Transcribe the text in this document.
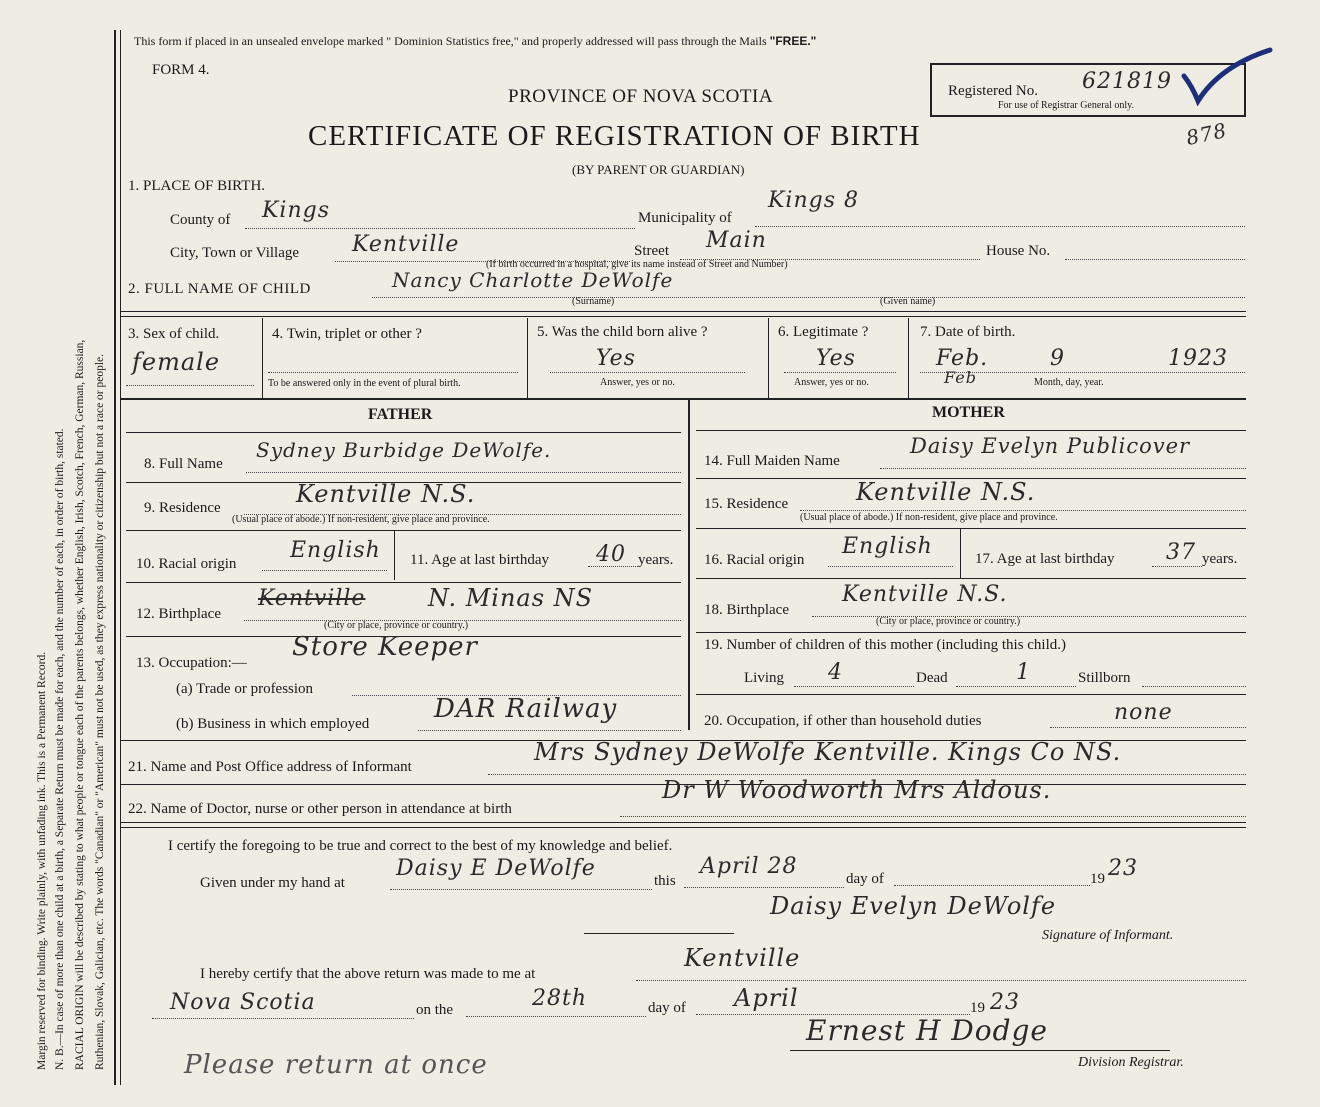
Margin reserved for binding. Write plainly, with unfading ink. This is a Permanent Record. N. B.—In case of more than one child at a birth, a Separate Return must be made for each, and the number of each, in order of birth, stated. RACIAL ORIGIN will be described by stating to what people or tongue each of the parents belongs, whether English, Irish, Scotch, French, German, Russian, Ruthenian, Slovak, Galician, etc. The words "Canadian" or "American" must not be used, as they express nationality or citizenship but not a race or people.
This form if placed in an unsealed envelope marked " Dominion Statistics free," and properly addressed will pass through the Mails "FREE."
FORM 4.
PROVINCE OF NOVA SCOTIA
CERTIFICATE OF REGISTRATION OF BIRTH
(BY PARENT OR GUARDIAN)
Registered No. 621819
For use of Registrar General only.
878
1. PLACE OF BIRTH.
County of Kings	Municipality of
Kings 8
City, Town or Village Kentville	Street Main	House No.
(If birth occurred in a hospital, give its name instead of Street and Number)
2. FULL NAME OF CHILD	Nancy Charlotte DeWolfe
(Surname)	(Given name)
3. Sex of child.
female
4. Twin, triplet or other ?
To be answered only in the event of plural birth.
5. Was the child born alive ?
Yes
Answer, yes or no.
6. Legitimate ?
Yes
Answer, yes or no.
7. Date of birth.
Feb.	9	1923
Feb	Month, day, year.
FATHER
8. Full Name
Sydney Burbidge DeWolfe.
9. Residence	Kentville N.S.
(Usual place of abode.) If non-resident, give place and province.
10. Racial origin
English 11. Age at last birthday 40 years.
12. Birthplace
Kentville	N. Minas NS
(City or place, province or country.)
13. Occupation:—
Store Keeper
(a) Trade or profession
(b) Business in which employed DAR Railway
MOTHER
14. Full Maiden Name
Daisy Evelyn Publicover
15. Residence	Kentville N.S.
(Usual place of abode.) If non-resident, give place and province.
16. Racial origin
English	17. Age at last birthday 37 years.
18. Birthplace
Kentville N.S.
(City or place, province or country.)
19. Number of children of this mother (including this child.)
Living 4	Dead	1	Stillborn
20. Occupation, if other than household duties	none
21. Name and Post Office address of Informant
Mrs Sydney DeWolfe Kentville. Kings Co NS.
22. Name of Doctor, nurse or other person in attendance at birth
Dr W Woodworth Mrs Aldous.
I certify the foregoing to be true and correct to the best of my knowledge and belief.
Given under my hand at
Daisy E DeWolfe	this
April 28	day of	19 23
Daisy Evelyn DeWolfe
Signature of Informant.
I hereby certify that the above return was made to me at
Kentville
Nova Scotia	on the	28th	day of April	19 23
Ernest H Dodge
Division Registrar.
Please return at once
